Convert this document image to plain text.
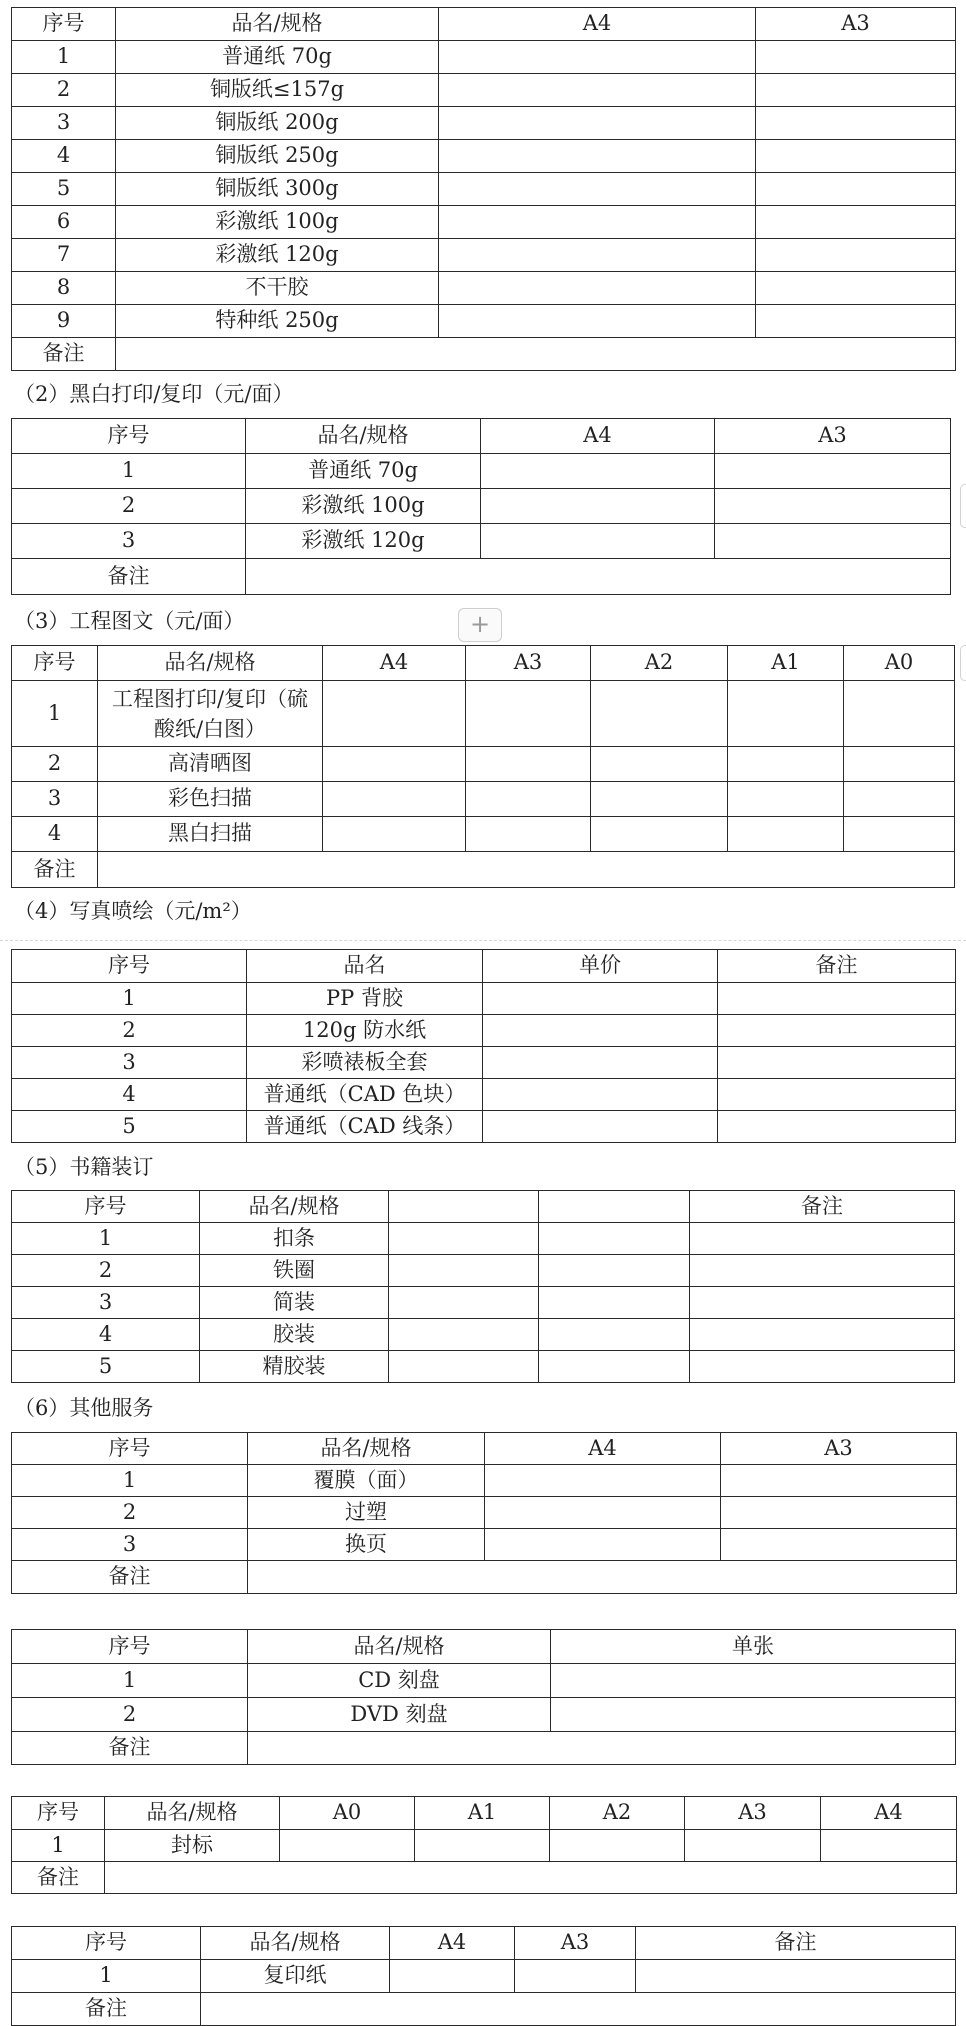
序号	品名/规格	A4	A3
1	普通纸 70g		
2	铜版纸≤157g		
3	铜版纸 200g		
4	铜版纸 250g		
5	铜版纸 300g		
6	彩激纸 100g		
7	彩激纸 120g		
8	不干胶		
9	特种纸 250g		
备注			
（2）黑白打印/复印（元/面）
序号	品名/规格	A4	A3
1	普通纸 70g		
2	彩激纸 100g		
3	彩激纸 120g		
备注			
（3）工程图文（元/面）	+
序号	品名/规格	A4	A3	A2	A1	A0
1	工程图打印/复印（硫酸纸/白图）					
2	高清晒图					
3	彩色扫描					
4	黑白扫描					
备注						
（4）写真喷绘（元/m²）
序号	品名	单价	备注
1	PP 背胶		
2	120g 防水纸		
3	彩喷裱板全套		
4	普通纸（CAD 色块）		
5	普通纸（CAD 线条）		
（5）书籍装订
序号	品名/规格			备注
1	扣条			
2	铁圈			
3	简装			
4	胶装			
5	精胶装			
（6）其他服务
序号	品名/规格	A4	A3
1	覆膜（面）		
2	过塑		
3	换页		
备注			
序号	品名/规格	单张
1	CD 刻盘	
2	DVD 刻盘	
备注		
序号	品名/规格	A0	A1	A2	A3	A4
1	封标					
备注						
序号	品名/规格	A4	A3	备注
1	复印纸			
备注				
